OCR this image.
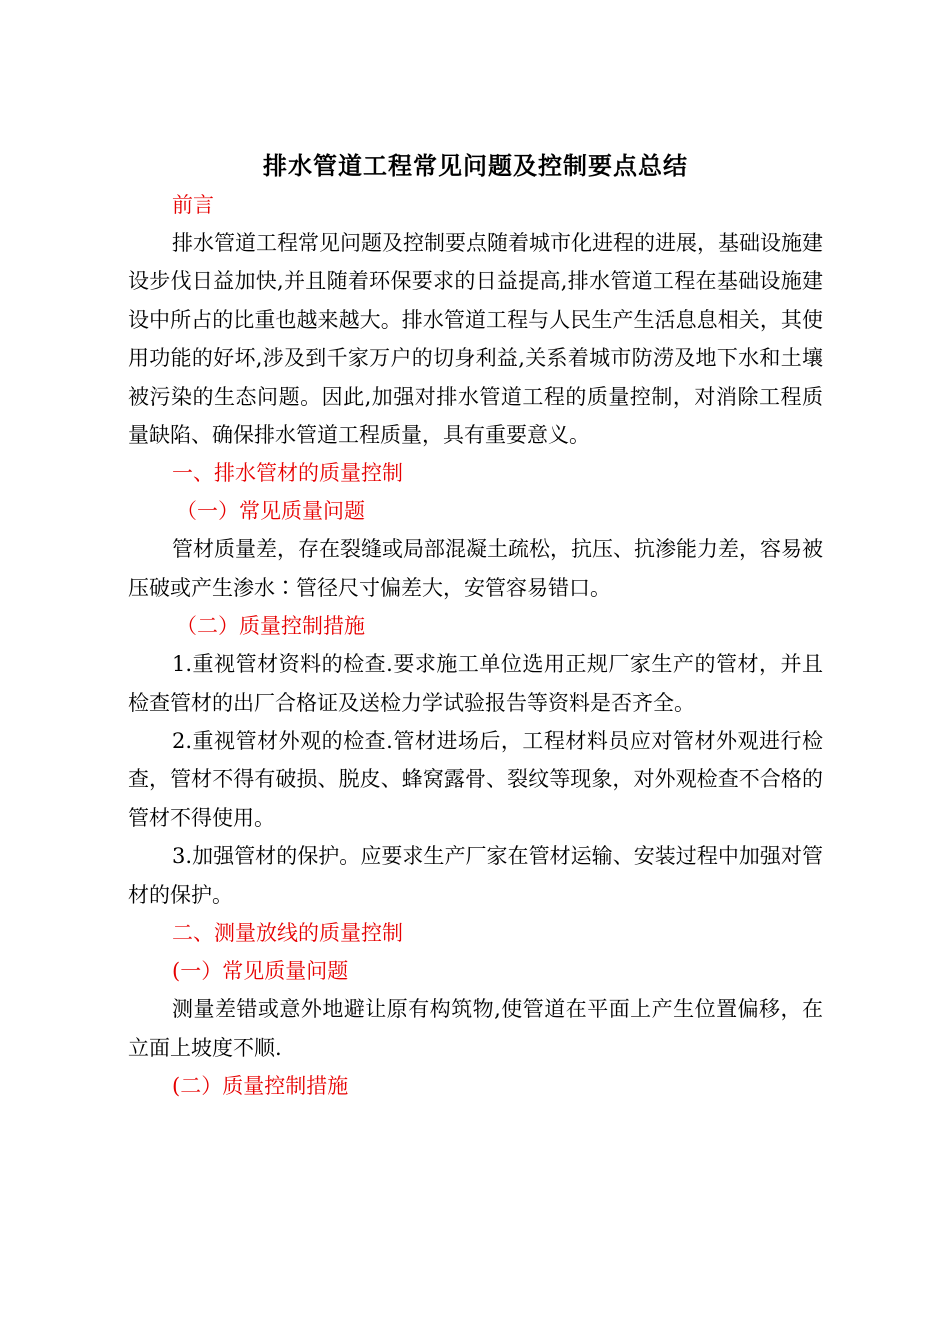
排水管道工程常见问题及控制要点总结

前言

排水管道工程常见问题及控制要点随着城市化进程的进展，基础设施建设步伐日益加快,并且随着环保要求的日益提高,排水管道工程在基础设施建设中所占的比重也越来越大。排水管道工程与人民生产生活息息相关，其使用功能的好坏,涉及到千家万户的切身利益,关系着城市防涝及地下水和土壤被污染的生态问题。因此,加强对排水管道工程的质量控制，对消除工程质量缺陷、确保排水管道工程质量，具有重要意义。

一、排水管材的质量控制

（一）常见质量问题

管材质量差，存在裂缝或局部混凝土疏松，抗压、抗渗能力差，容易被压破或产生渗水∶管径尺寸偏差大，安管容易错口。

（二）质量控制措施

1.重视管材资料的检查.要求施工单位选用正规厂家生产的管材，并且检查管材的出厂合格证及送检力学试验报告等资料是否齐全。

2.重视管材外观的检查.管材进场后，工程材料员应对管材外观进行检查，管材不得有破损、脱皮、蜂窝露骨、裂纹等现象，对外观检查不合格的管材不得使用。

3.加强管材的保护。应要求生产厂家在管材运输、安装过程中加强对管材的保护。

二、测量放线的质量控制

(一）常见质量问题

测量差错或意外地避让原有构筑物,使管道在平面上产生位置偏移，在立面上坡度不顺.

(二）质量控制措施
